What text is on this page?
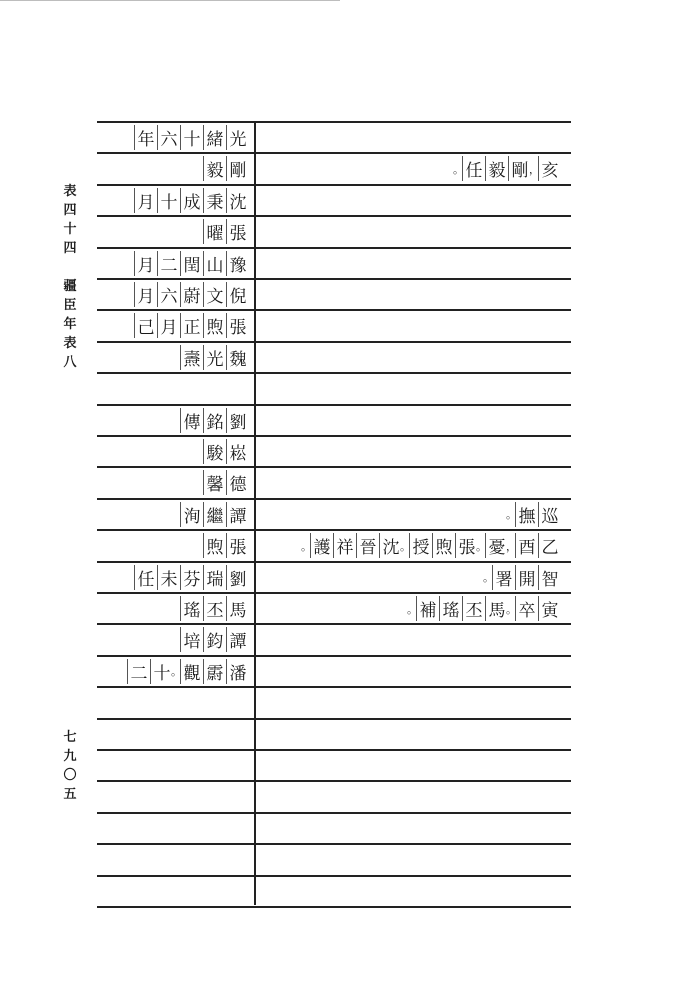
表
四
十
四

疆
臣
年
表
八
七
九
〇
五
年 六 十 緒 光
毅 剛	。 任 毅 剛 ， 亥
月 十 成 秉 沈
曜 張
月 二 閏 山 豫
月 六 蔚 文 倪
己 月 正 煦 張
燾 光 魏
傳 銘 劉
駿 崧
馨 德
洵 繼 譚	。 撫 巡
煦 張	。 護 祥 晉 沈 。 授 煦 張 。 憂 ， 酉 乙
任 未 芬 瑞 劉	。 署 開 智
瑤 丕 馬	。 補 瑤 丕 馬 。 卒 寅
培 鈞 譚
二 十 。 觀 霨 潘
